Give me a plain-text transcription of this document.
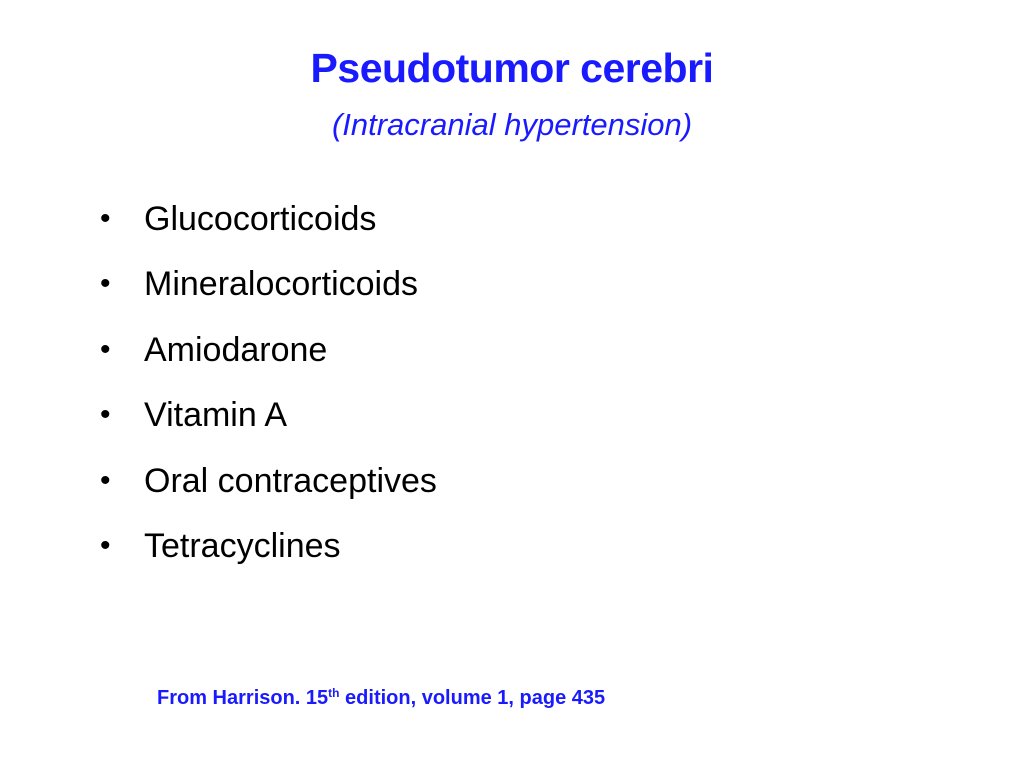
Pseudotumor cerebri
(Intracranial hypertension)
• Glucocorticoids
• Mineralocorticoids
• Amiodarone
• Vitamin A
• Oral contraceptives
• Tetracyclines
From Harrison. 15th edition, volume 1, page 435
